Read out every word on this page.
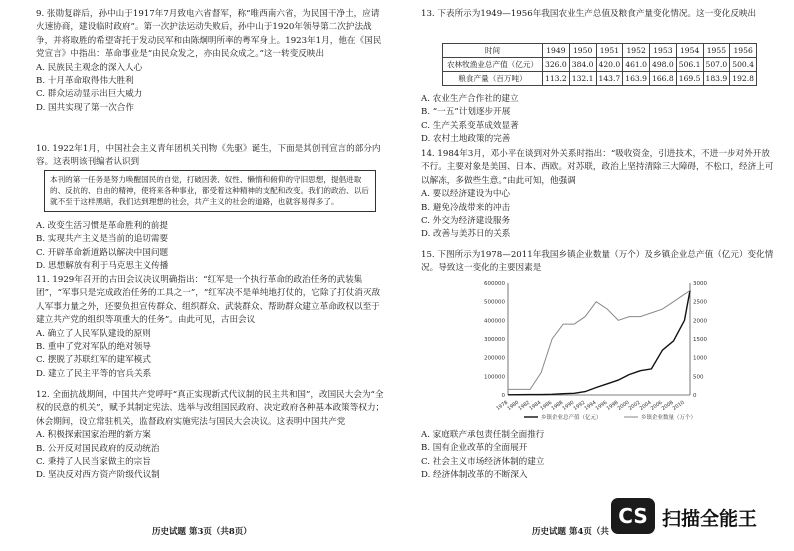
9. 张勋复辟后，孙中山于1917年7月致电六省督军，称“唯西南六省，为民国干净土，应请火速协商，建设临时政府”。第一次护法运动失败后，孙中山于1920年领导第二次护法战争，并将取胜的希望寄托于发动民军和由陈炯明所率的粤军身上。1923年1月，他在《国民党宣言》中指出：革命事业是“由民众发之，亦由民众成之。”这一转变反映出

A. 民族民主观念的深入人心

B. 十月革命取得伟大胜利

C. 群众运动显示出巨大威力

D. 国共实现了第一次合作

10. 1922年1月，中国社会主义青年团机关刊物《先驱》诞生，下面是其创刊宣言的部分内容。这表明该刊编者认识到

本刊的第一任务是努力唤醒国民的自觉，打破因袭、奴性、懒惰和俯仰的守旧思想，提倡进取的、反抗的、自由的精神，使将来各种事业，都受着这种精神的支配和改变。我们的政治、以后就不至于这样黑暗，我们达到理想的社会，共产主义的社会的道路，也就容易得多了。

A. 改变生活习惯是革命胜利的前提

B. 实现共产主义是当前的追切需要

C. 开辟革命新道路以解决中国问题

D. 思想解放有利于马克思主义传播

11. 1929年召开的古田会议决议明确指出：“红军是一个执行革命的政治任务的武装集团”，“军事只是完成政治任务的工具之一”，“红军决不是单纯地打仗的，它除了打仗消灭敌人军事力量之外，还要负担宣传群众、组织群众、武装群众、帮助群众建立革命政权以至于建立共产党的组织等项重大的任务”。由此可见，古田会议

A. 确立了人民军队建设的原则

B. 重申了党对军队的绝对领导

C. 摆脱了苏联红军的建军模式

D. 建立了民主平等的官兵关系

12. 全面抗战期间，中国共产党呼吁“真正实现新式代议制的民主共和国”，改国民大会为“全权的民意的机关”，赋予其制定宪法、选举与改组国民政府、决定政府各种基本政策等权力；休会期间，设立常驻机关，监督政府实施宪法与国民大会决议。这表明中国共产党

A. 积极探索国家治理的新方案

B. 公开反对国民政府的反动统治

C. 秉持了人民当家做主的宗旨

D. 坚决反对西方资产阶级代议制

历史试题 第3页（共8页）

13. 下表所示为1949—1956年我国农业生产总值及粮食产量变化情况。这一变化反映出

时间	1949	1950	1951	1952	1953	1954	1955	1956
农林牧渔业总产值（亿元）	326.0	384.0	420.0	461.0	498.0	506.1	507.0	500.4
粮食产量（百万吨）	113.2	132.1	143.7	163.9	166.8	169.5	183.9	192.8

A. 农业生产合作社的建立

B. “一五”计划逐步开展

C. 生产关系变革成效显著

D. 农村土地政策的完善

14. 1984年3月，邓小平在谈到对外关系时指出：“吸收资金，引进技术，不进一步对外开放不行。主要对象是美国、日本、西欧。对苏联，政治上坚持清除三大障碍，不松口，经济上可以解冻，多做些生意。”由此可知，他强调

A. 要以经济建设为中心

B. 避免冷战带来的冲击

C. 外交为经济建设服务

D. 改善与美苏日的关系

15. 下图所示为1978—2011年我国乡镇企业数量（万个）及乡镇企业总产值（亿元）变化情况。导致这一变化的主要因素是

0
100000
200000
300000
400000
500000
600000
0
500
1000
1500
2000
2500
3000
1978
1980
1982
1984
1986
1988
1990
1992
1994
1996
1998
2000
2002
2004
2006
2008
2010
乡镇企业总产值（亿元）	乡镇企业数量（万个）

A. 家庭联产承包责任制全面推行

B. 国有企业改革的全面展开

C. 社会主义市场经济体制的建立

D. 经济体制改革的不断深入

历史试题 第4页（共
CS 扫描全能王
